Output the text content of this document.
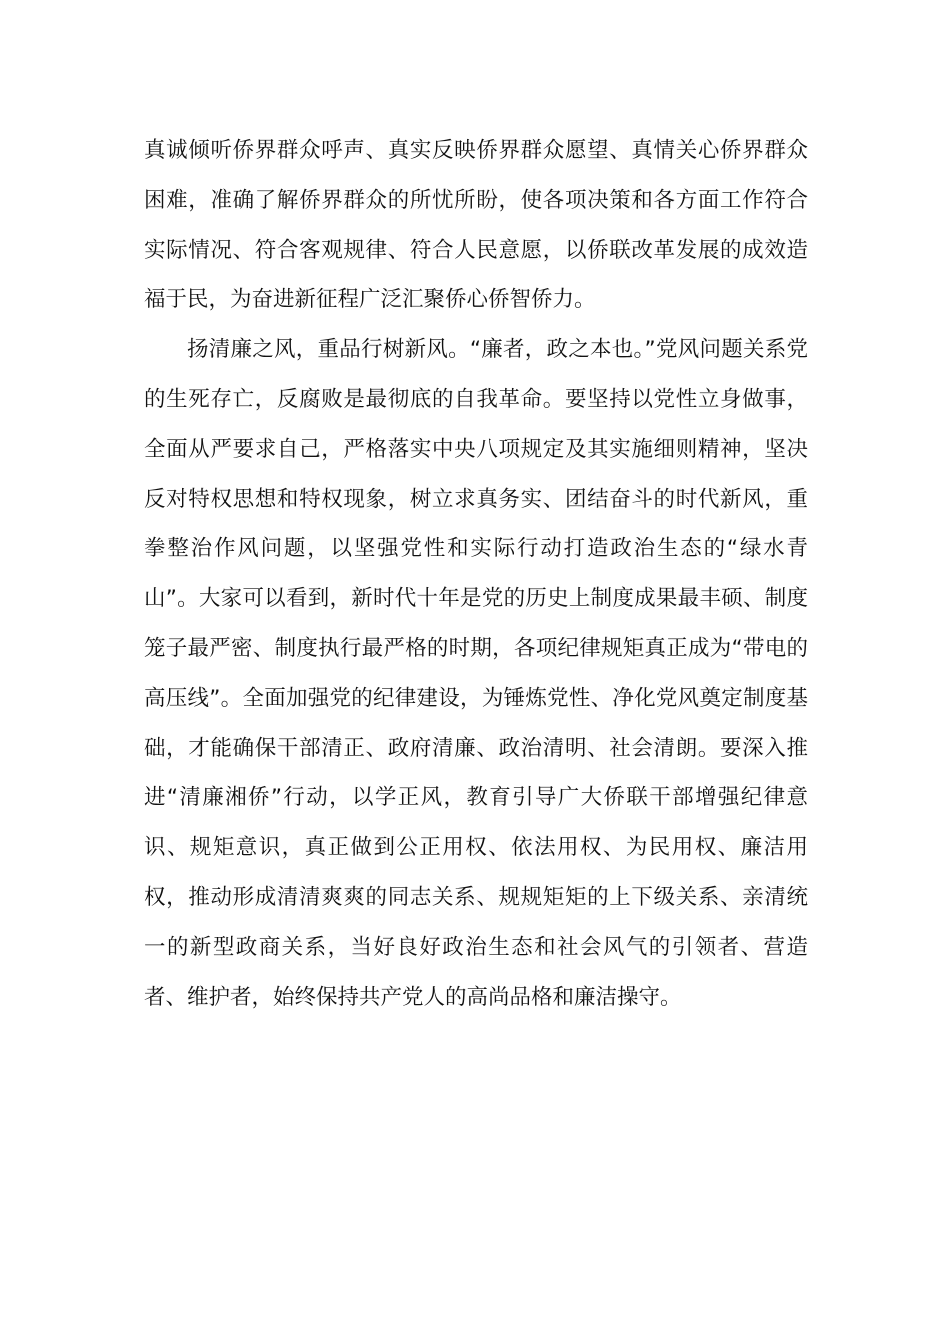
真诚倾听侨界群众呼声、真实反映侨界群众愿望、真情关心侨界群众困难，准确了解侨界群众的所忧所盼，使各项决策和各方面工作符合实际情况、符合客观规律、符合人民意愿，以侨联改革发展的成效造福于民，为奋进新征程广泛汇聚侨心侨智侨力。

扬清廉之风，重品行树新风。“廉者，政之本也。”党风问题关系党的生死存亡，反腐败是最彻底的自我革命。要坚持以党性立身做事，全面从严要求自己，严格落实中央八项规定及其实施细则精神，坚决反对特权思想和特权现象，树立求真务实、团结奋斗的时代新风，重拳整治作风问题，以坚强党性和实际行动打造政治生态的“绿水青山”。大家可以看到，新时代十年是党的历史上制度成果最丰硕、制度笼子最严密、制度执行最严格的时期，各项纪律规矩真正成为“带电的高压线”。全面加强党的纪律建设，为锤炼党性、净化党风奠定制度基础，才能确保干部清正、政府清廉、政治清明、社会清朗。要深入推进“清廉湘侨”行动，以学正风，教育引导广大侨联干部增强纪律意识、规矩意识，真正做到公正用权、依法用权、为民用权、廉洁用权，推动形成清清爽爽的同志关系、规规矩矩的上下级关系、亲清统一的新型政商关系，当好良好政治生态和社会风气的引领者、营造者、维护者，始终保持共产党人的高尚品格和廉洁操守。
